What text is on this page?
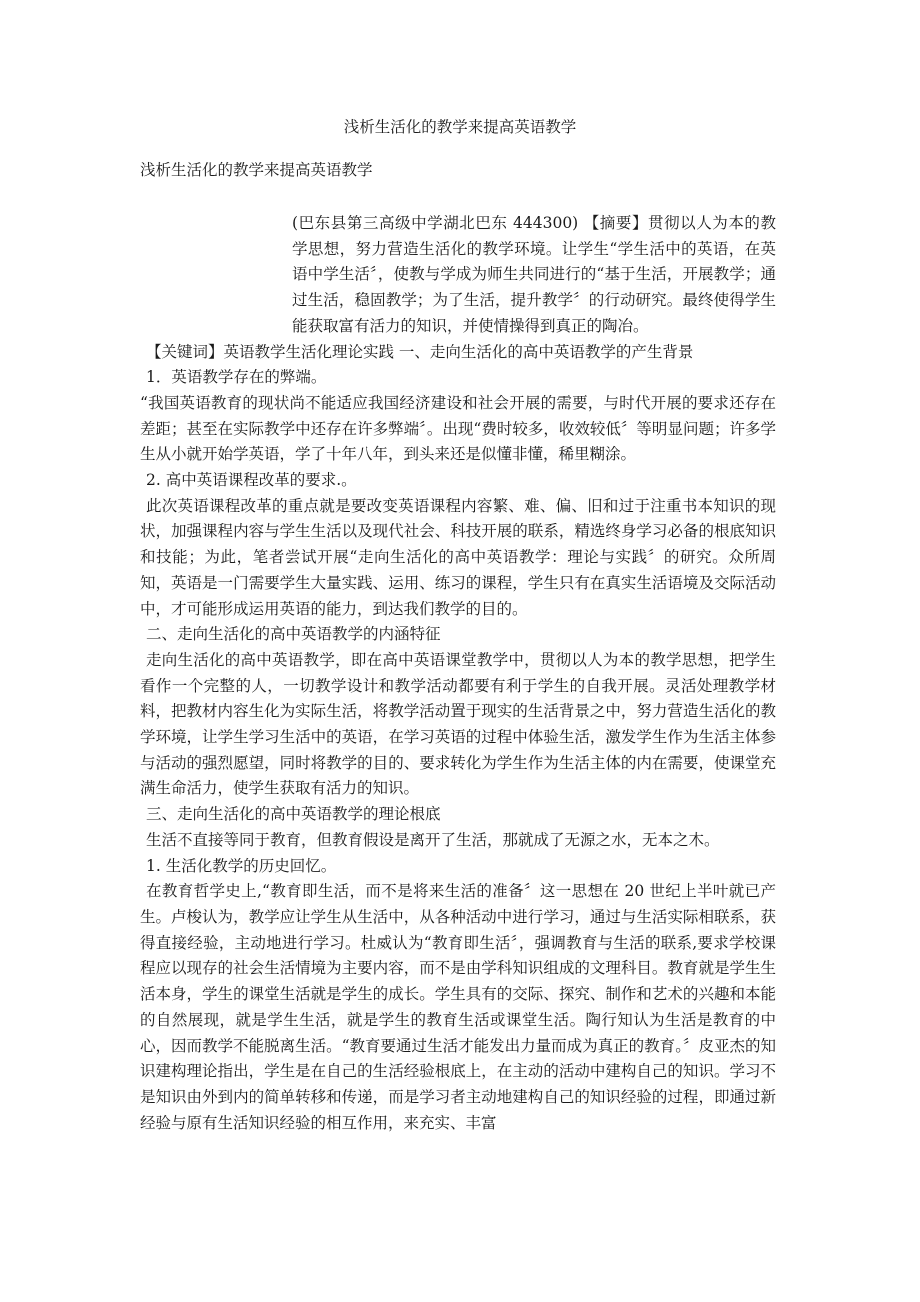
浅析生活化的教学来提高英语教学
浅析生活化的教学来提高英语教学

(巴东县第三高级中学湖北巴东 444300) 【摘要】贯彻以人为本的教学思想，努力营造生活化的教学环境。让学生“学生活中的英语，在英语中学生活〞，使教与学成为师生共同进行的“基于生活，开展教学；通过生活，稳固教学；为了生活，提升教学〞的行动研究。最终使得学生能获取富有活力的知识，并使情操得到真正的陶冶。

【关键词】英语教学生活化理论实践 一、走向生活化的高中英语教学的产生背景

1．英语教学存在的弊端。

“我国英语教育的现状尚不能适应我国经济建设和社会开展的需要，与时代开展的要求还存在差距；甚至在实际教学中还存在许多弊端〞。出现“费时较多，收效较低〞等明显问题；许多学生从小就开始学英语，学了十年八年，到头来还是似懂非懂，稀里糊涂。

2. 高中英语课程改革的要求.。

此次英语课程改革的重点就是要改变英语课程内容繁、难、偏、旧和过于注重书本知识的现状，加强课程内容与学生生活以及现代社会、科技开展的联系，精选终身学习必备的根底知识和技能；为此，笔者尝试开展“走向生活化的高中英语教学：理论与实践〞的研究。众所周知，英语是一门需要学生大量实践、运用、练习的课程，学生只有在真实生活语境及交际活动中，才可能形成运用英语的能力，到达我们教学的目的。

二、走向生活化的高中英语教学的内涵特征

走向生活化的高中英语教学，即在高中英语课堂教学中，贯彻以人为本的教学思想，把学生看作一个完整的人，一切教学设计和教学活动都要有利于学生的自我开展。灵活处理教学材料，把教材内容生化为实际生活，将教学活动置于现实的生活背景之中，努力营造生活化的教学环境，让学生学习生活中的英语，在学习英语的过程中体验生活，激发学生作为生活主体参与活动的强烈愿望，同时将教学的目的、要求转化为学生作为生活主体的内在需要，使课堂充满生命活力，使学生获取有活力的知识。

三、走向生活化的高中英语教学的理论根底

生活不直接等同于教育，但教育假设是离开了生活，那就成了无源之水，无本之木。

1. 生活化教学的历史回忆。

在教育哲学史上,“教育即生活，而不是将来生活的准备〞这一思想在 20 世纪上半叶就已产生。卢梭认为，教学应让学生从生活中，从各种活动中进行学习，通过与生活实际相联系，获得直接经验，主动地进行学习。杜威认为“教育即生活〞，强调教育与生活的联系,要求学校课程应以现存的社会生活情境为主要内容，而不是由学科知识组成的文理科目。教育就是学生生活本身，学生的课堂生活就是学生的成长。学生具有的交际、探究、制作和艺术的兴趣和本能的自然展现，就是学生生活，就是学生的教育生活或课堂生活。陶行知认为生活是教育的中心，因而教学不能脱离生活。“教育要通过生活才能发出力量而成为真正的教育。〞皮亚杰的知识建构理论指出，学生是在自己的生活经验根底上，在主动的活动中建构自己的知识。学习不是知识由外到内的简单转移和传递，而是学习者主动地建构自己的知识经验的过程，即通过新经验与原有生活知识经验的相互作用，来充实、丰富
